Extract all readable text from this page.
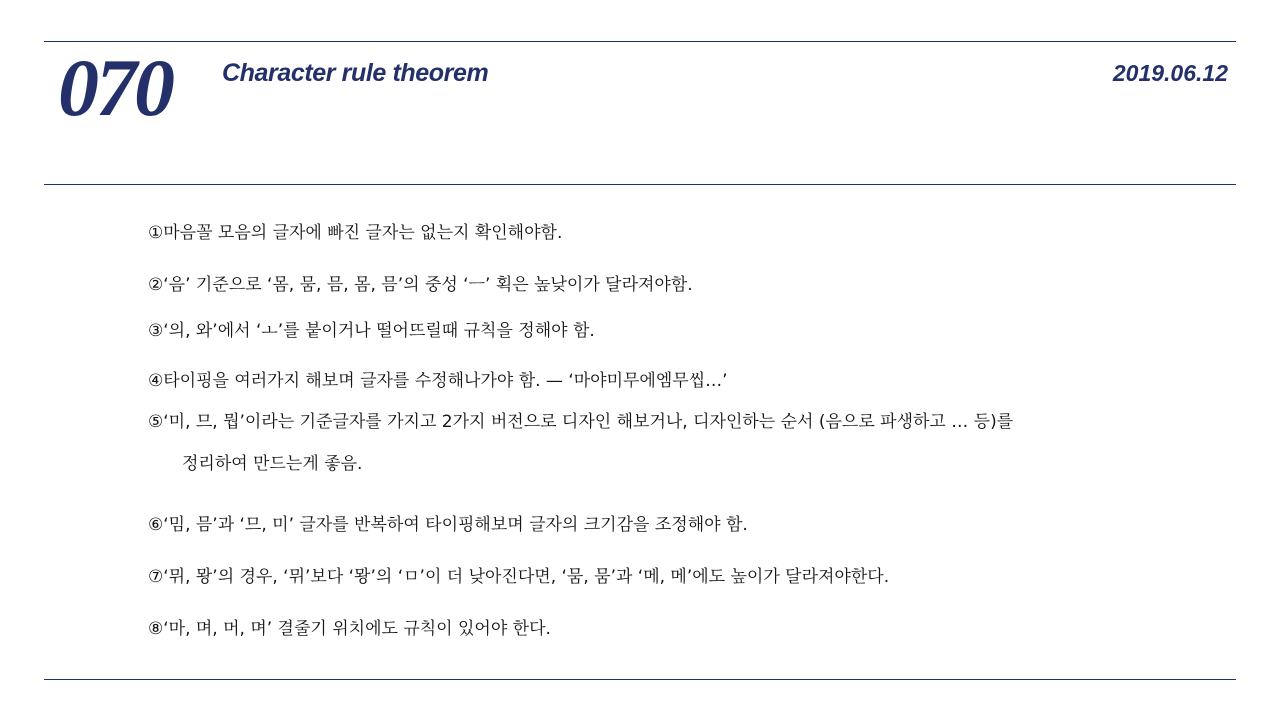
070 Character rule theorem	2019.06.12
①마음꼴 모음의 글자에 빠진 글자는 없는지 확인해야함.
②‘음’ 기준으로 ‘몸, 뭄, 믐, 몸, 믐’의 중성 ‘ㅡ’ 획은 높낮이가 달라져야함.
③‘의, 와’에서 ‘ㅗ’를 붙이거나 떨어뜨릴때 규칙을 정해야 함.
④타이핑을 여러가지 해보며 글자를 수정해나가야 함. — ‘마야미무에엠무씹…’
⑤‘미, 므, 뭡’이라는 기준글자를 가지고 2가지 버전으로 디자인 해보거나, 디자인하는 순서 (음으로 파생하고 … 등)를
정리하여 만드는게 좋음.
⑥‘밈, 믐’과 ‘므, 미’ 글자를 반복하여 타이핑해보며 글자의 크기감을 조정해야 함.
⑦‘뮈, 뫙’의 경우, ‘뮈’보다 ‘뫙’의 ‘ㅁ’이 더 낮아진다면, ‘뭄, 뭄’과 ‘메, 메’에도 높이가 달라져야한다.
⑧‘마, 며, 머, 며’ 결줄기 위치에도 규칙이 있어야 한다.
